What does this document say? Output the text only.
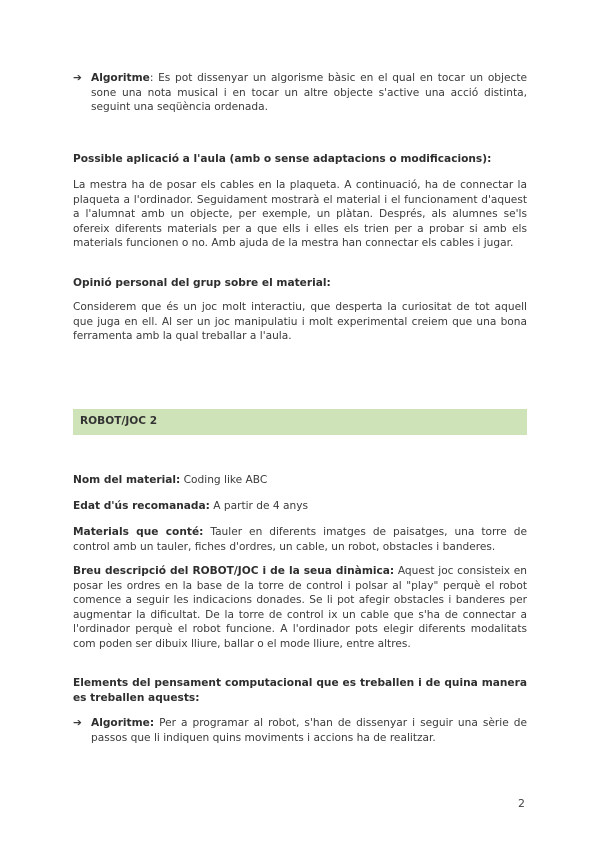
➔ Algoritme: Es pot dissenyar un algorisme bàsic en el qual en tocar un objecte sone una nota musical i en tocar un altre objecte s'active una acció distinta, seguint una seqüència ordenada.

Possible aplicació a l'aula (amb o sense adaptacions o modificacions):

La mestra ha de posar els cables en la plaqueta. A continuació, ha de connectar la plaqueta a l'ordinador. Seguidament mostrarà el material i el funcionament d'aquest a l'alumnat amb un objecte, per exemple, un plàtan. Després, als alumnes se'ls ofereix diferents materials per a que ells i elles els trien per a probar si amb els materials funcionen o no. Amb ajuda de la mestra han connectar els cables i jugar.

Opinió personal del grup sobre el material:

Considerem que és un joc molt interactiu, que desperta la curiositat de tot aquell que juga en ell. Al ser un joc manipulatiu i molt experimental creiem que una bona ferramenta amb la qual treballar a l'aula.

ROBOT/JOC 2

Nom del material: Coding like ABC

Edat d'ús recomanada: A partir de 4 anys

Materials que conté: Tauler en diferents imatges de paisatges, una torre de control amb un tauler, fiches d'ordres, un cable, un robot, obstacles i banderes.

Breu descripció del ROBOT/JOC i de la seua dinàmica: Aquest joc consisteix en posar les ordres en la base de la torre de control i polsar al "play" perquè el robot comence a seguir les indicacions donades. Se li pot afegir obstacles i banderes per augmentar la dificultat. De la torre de control ix un cable que s'ha de connectar a l'ordinador perquè el robot funcione. A l'ordinador pots elegir diferents modalitats com poden ser dibuix lliure, ballar o el mode lliure, entre altres.

Elements del pensament computacional que es treballen i de quina manera es treballen aquests:

➔ Algoritme: Per a programar al robot, s'han de dissenyar i seguir una sèrie de passos que li indiquen quins moviments i accions ha de realitzar.

2
